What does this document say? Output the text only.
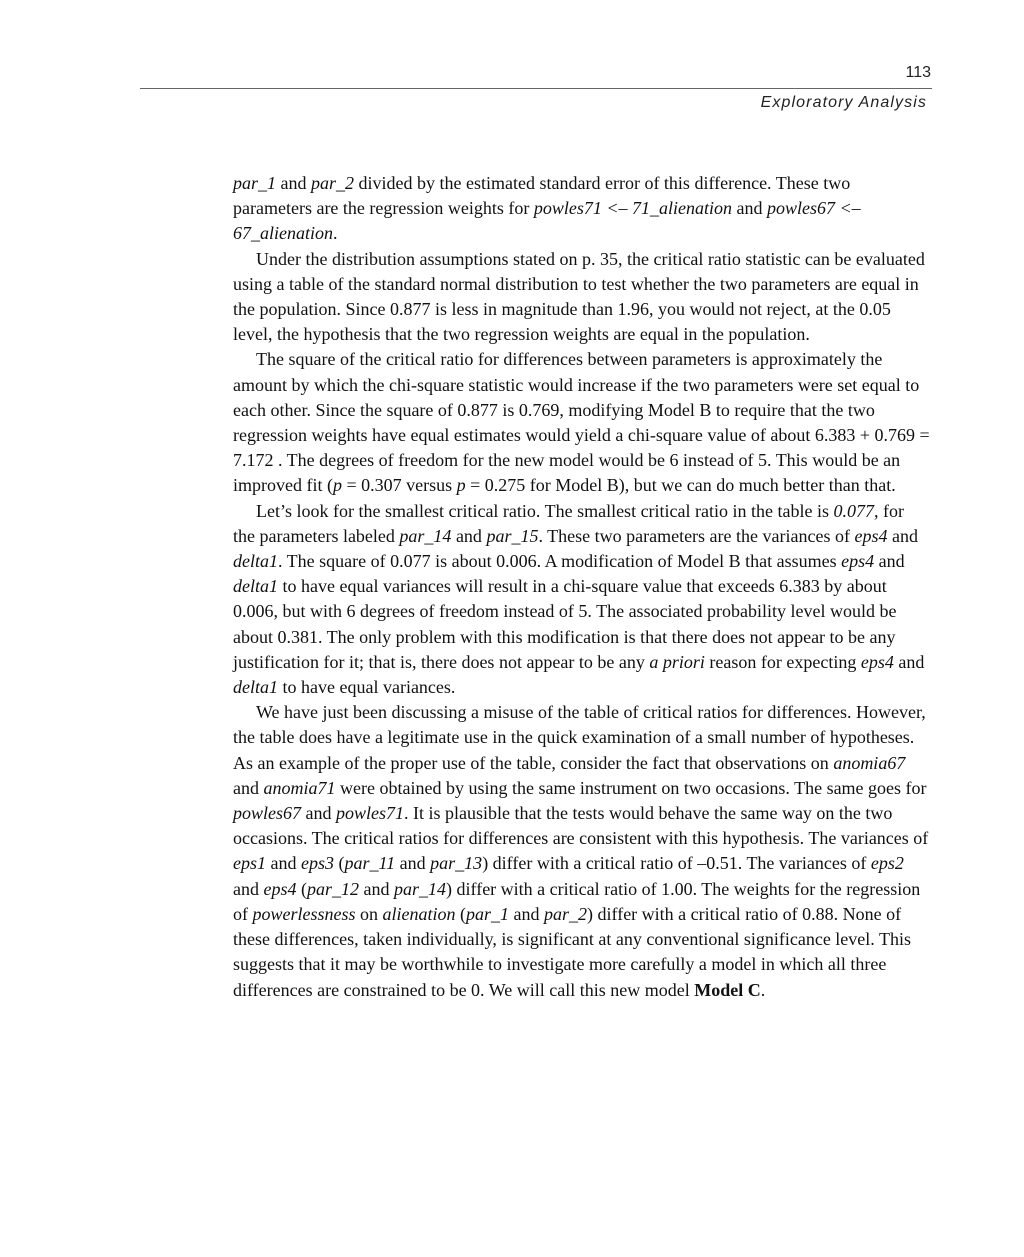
113
Exploratory Analysis

par_1 and par_2 divided by the estimated standard error of this difference. These two parameters are the regression weights for powles71 <– 71_alienation and powles67 <– 67_alienation.

Under the distribution assumptions stated on p. 35, the critical ratio statistic can be evaluated using a table of the standard normal distribution to test whether the two parameters are equal in the population. Since 0.877 is less in magnitude than 1.96, you would not reject, at the 0.05 level, the hypothesis that the two regression weights are equal in the population.

The square of the critical ratio for differences between parameters is approximately the amount by which the chi-square statistic would increase if the two parameters were set equal to each other. Since the square of 0.877 is 0.769, modifying Model B to require that the two regression weights have equal estimates would yield a chi-square value of about 6.383 + 0.769 = 7.172 . The degrees of freedom for the new model would be 6 instead of 5. This would be an improved fit (p = 0.307 versus p = 0.275 for Model B), but we can do much better than that.

Let’s look for the smallest critical ratio. The smallest critical ratio in the table is 0.077, for the parameters labeled par_14 and par_15. These two parameters are the variances of eps4 and delta1. The square of 0.077 is about 0.006. A modification of Model B that assumes eps4 and delta1 to have equal variances will result in a chi-square value that exceeds 6.383 by about 0.006, but with 6 degrees of freedom instead of 5. The associated probability level would be about 0.381. The only problem with this modification is that there does not appear to be any justification for it; that is, there does not appear to be any a priori reason for expecting eps4 and delta1 to have equal variances.

We have just been discussing a misuse of the table of critical ratios for differences. However, the table does have a legitimate use in the quick examination of a small number of hypotheses. As an example of the proper use of the table, consider the fact that observations on anomia67 and anomia71 were obtained by using the same instrument on two occasions. The same goes for powles67 and powles71. It is plausible that the tests would behave the same way on the two occasions. The critical ratios for differences are consistent with this hypothesis. The variances of eps1 and eps3 (par_11 and par_13) differ with a critical ratio of –0.51. The variances of eps2 and eps4 (par_12 and par_14) differ with a critical ratio of 1.00. The weights for the regression of powerlessness on alienation (par_1 and par_2) differ with a critical ratio of 0.88. None of these differences, taken individually, is significant at any conventional significance level. This suggests that it may be worthwhile to investigate more carefully a model in which all three differences are constrained to be 0. We will call this new model Model C.
